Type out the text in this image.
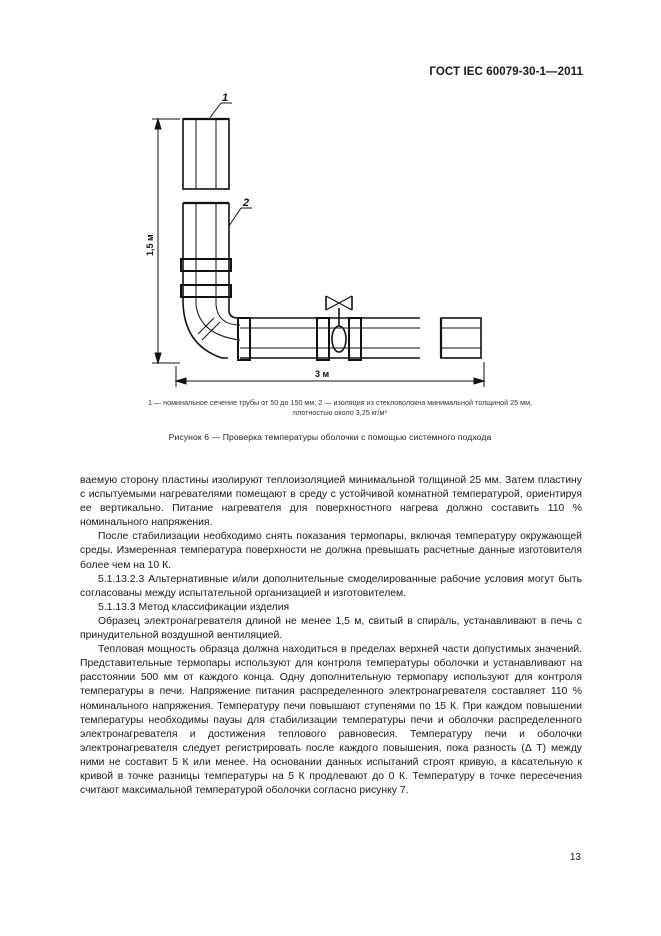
ГОСТ IEC 60079-30-1—2011
1
2
1,5 м
3 м
1 — номинальное сечение трубы от 50 до 150 мм; 2 — изоляция из стекловолокна минимальной толщиной 25 мм,
плотностью около 3,25 кг/м³
Рисунок 6 — Проверка температуры оболочки с помощью системного подхода

ваемую сторону пластины изолируют теплоизоляцией минимальной толщиной 25 мм. Затем пластину с испытуемыми нагревателями помещают в среду с устойчивой комнатной температурой, ориентируя ее вертикально. Питание нагревателя для поверхностного нагрева должно составить 110 % номинального напряжения.

После стабилизации необходимо снять показания термопары, включая температуру окружающей среды. Измеренная температура поверхности не должна превышать расчетные данные изготовителя более чем на 10 К.

5.1.13.2.3 Альтернативные и/или дополнительные смоделированные рабочие условия могут быть согласованы между испытательной организацией и изготовителем.

5.1.13.3 Метод классификации изделия

Образец электронагревателя длиной не менее 1,5 м, свитый в спираль, устанавливают в печь с принудительной воздушной вентиляцией.

Тепловая мощность образца должна находиться в пределах верхней части допустимых значений. Представительные термопары используют для контроля температуры оболочки и устанавливают на расстоянии 500 мм от каждого конца. Одну дополнительную термопару используют для контроля температуры в печи. Напряжение питания распределенного электронагревателя составляет 110 % номинального напряжения. Температуру печи повышают ступенями по 15 К. При каждом повышении температуры необходимы паузы для стабилизации температуры печи и оболочки распределенного электронагревателя и достижения теплового равновесия. Температуру печи и оболочки электронагревателя следует регистрировать после каждого повышения, пока разность (Δ T) между ними не составит 5 К или менее. На основании данных испытаний строят кривую, а касательную к кривой в точке разницы температуры на 5 К продлевают до 0 К. Температуру в точке пересечения считают максимальной температурой оболочки согласно рисунку 7.

13
